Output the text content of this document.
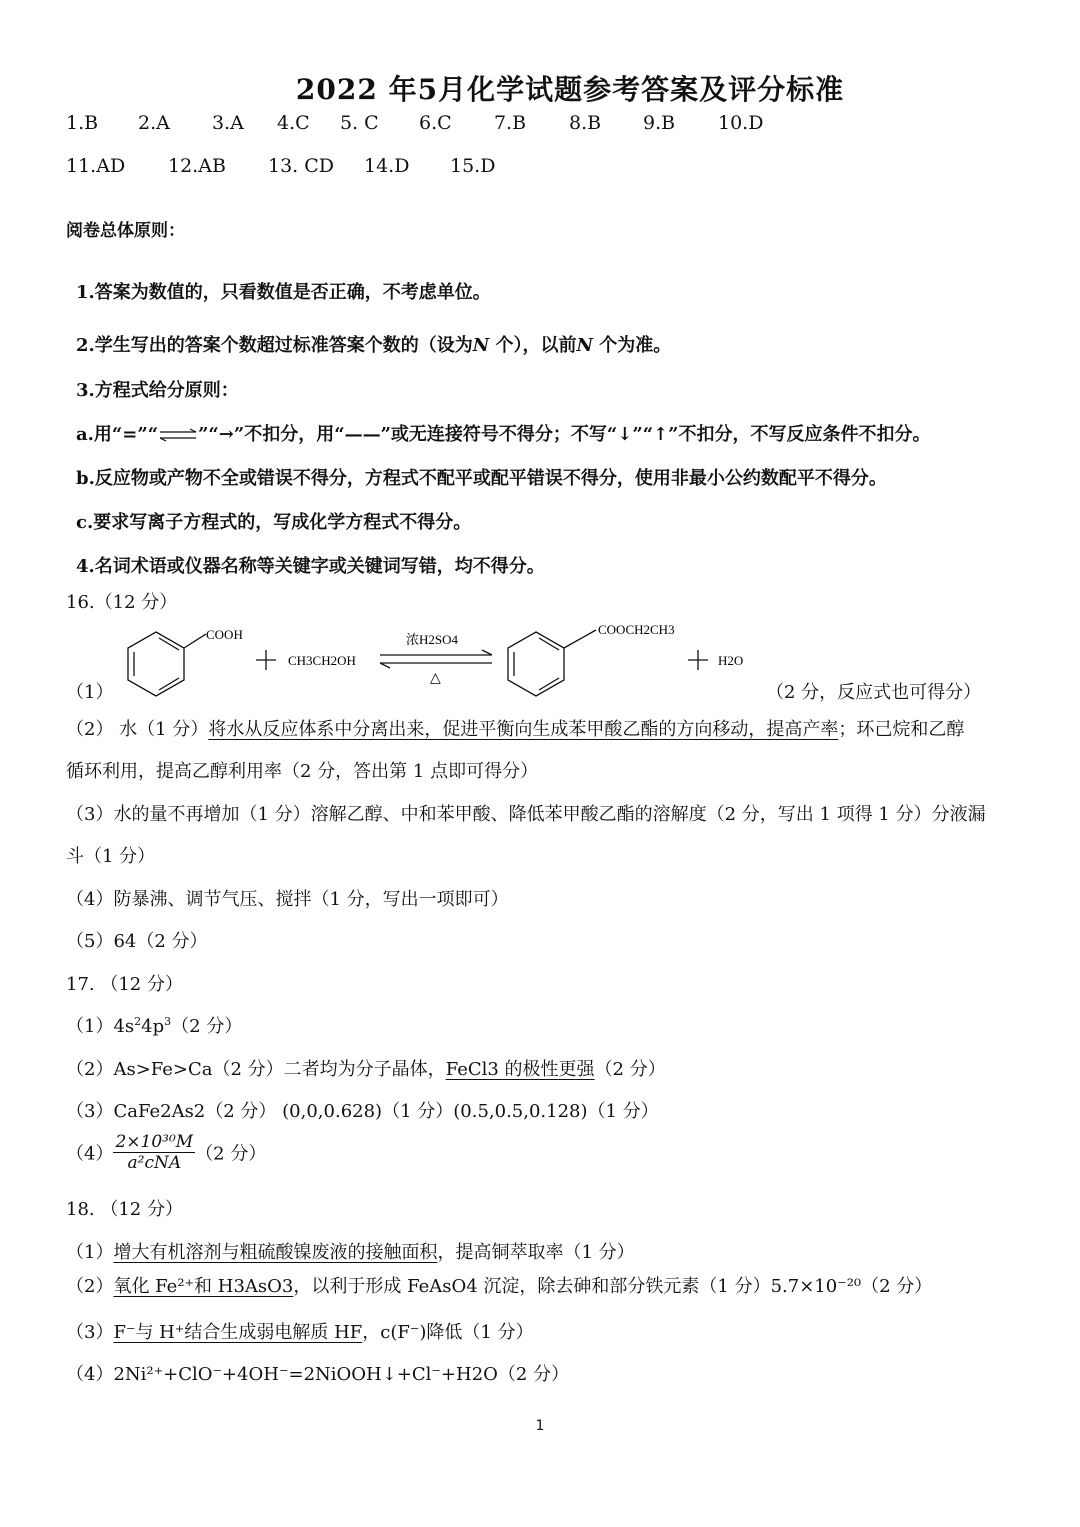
2022 年5月化学试题参考答案及评分标准
1.B 2.A 3.A 4.C 5. C 6.C 7.B 8.B 9.B 10.D
11.AD 12.AB 13. CD 14.D 15.D
阅卷总体原则：
1.答案为数值的，只看数值是否正确，不考虑单位。
2.学生写出的答案个数超过标准答案个数的（设为N 个），以前N 个为准。
3.方程式给分原则：
a.用“=”“⇌”“→”不扣分，用“——”或无连接符号不得分；不写“↓”“↑”不扣分，不写反应条件不扣分。
b.反应物或产物不全或错误不得分，方程式不配平或配平错误不得分，使用非最小公约数配平不得分。
c.要求写离子方程式的，写成化学方程式不得分。
4.名词术语或仪器名称等关键字或关键词写错，均不得分。
16.（12 分）
（1）
COOH
CH3CH2OH
浓H2SO4
△
COOCH2CH3
H2O
（2 分，反应式也可得分）
（2） 水（1 分）将水从反应体系中分离出来，促进平衡向生成苯甲酸乙酯的方向移动，提高产率；环己烷和乙醇
循环利用，提高乙醇利用率（2 分，答出第 1 点即可得分）
（3）水的量不再增加（1 分）溶解乙醇、中和苯甲酸、降低苯甲酸乙酯的溶解度（2 分，写出 1 项得 1 分）分液漏
斗（1 分）
（4）防暴沸、调节气压、搅拌（1 分，写出一项即可）
（5）64（2 分）
17. （12 分）
$(1)4s^24p^3(2$ 分）
（2）As>Fe>Ca（2 分）二者均为分子晶体，FeCl3 的极性更强（2 分）
（3）CaFe2As2（2 分） (0,0,0.628)（1 分）(0.5,0.5,0.128)（1 分）
$(4) \frac{\text{2×10³⁰M}}{\text{a²cNA}} (2$ 分）
18. （12 分）
（1）增大有机溶剂与粗硫酸镍废液的接触面积，提高铜萃取率（1 分）
（2）氧化 Fe²⁺和 H3AsO3，以利于形成 FeAsO4 沉淀，除去砷和部分铁元素（1 分）5.7×10⁻²⁰（2 分）
（3）F⁻与 H⁺结合生成弱电解质 HF，c(F⁻)降低（1 分）
（4）2Ni²⁺+ClO⁻+4OH⁻=2NiOOH↓+Cl⁻+H2O（2 分）
1
